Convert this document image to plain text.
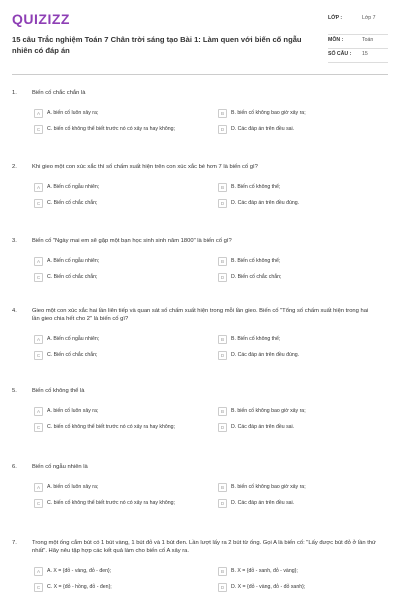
QUIZIZZ
15 câu Trắc nghiệm Toán 7 Chân trời sáng tạo Bài 1: Làm quen với biến cố ngẫu nhiên có đáp án
LỚP :	Lớp 7
MÔN :	Toán
SỐ CÂU :	15
1.	Biến cố chắc chắn là
A	A. biến cố luôn xảy ra;	B	B. biến cố không bao giờ xảy ra;
C	C. biến cố không thể biết trước nó có xảy ra hay không;	D	D. Các đáp án trên đều sai.
2.	Khi gieo một con xúc xắc thì số chấm xuất hiện trên con xúc xắc bé hơn 7 là biến cố gì?
A	A. Biến cố ngẫu nhiên;	B	B. Biến cố không thể;
C	C. Biến cố chắc chắn;	D	D. Các đáp án trên đều đúng.
3.	Biến cố "Ngày mai em sẽ gặp một bạn học sinh sinh năm 1800" là biến cố gì?
A	A. Biến cố ngẫu nhiên;	B	B. Biến cố không thể;
C	C. Biến cố chắc chắn;	D	D. Biến cố chắc chắn;
4.	Gieo một con xúc xắc hai lần liên tiếp và quan sát số chấm xuất hiện trong mỗi lần gieo. Biến cố "Tổng số chấm xuất hiện trong hai lần gieo chia hết cho 2" là biến cố gì?
A	A. Biến cố ngẫu nhiên;	B	B. Biến cố không thể;
C	C. Biến cố chắc chắn;	D	D. Các đáp án trên đều đúng.
5.	Biến cố không thể là
A	A. biến cố luôn xảy ra;	B	B. biến cố không bao giờ xảy ra;
C	C. biến cố không thể biết trước nó có xảy ra hay không;	D	D. Các đáp án trên đều sai.
6.	Biến cố ngẫu nhiên là
A	A. biến cố luôn xảy ra;	B	B. biến cố không bao giờ xảy ra;
C	C. biến cố không thể biết trước nó có xảy ra hay không;	D	D. Các đáp án trên đều sai.
7.	Trong một ống cắm bút có 1 bút vàng, 1 bút đỏ và 1 bút đen. Lần lượt lấy ra 2 bút từ ống. Gọi A là biến cố: "Lấy được bút đỏ ở lần thứ nhất". Hãy nêu tập hợp các kết quả làm cho biến cố A xảy ra.
A	A. X = {đỏ - vàng, đỏ - đen};	B	B. X = {đỏ - xanh, đỏ - vàng};
C	C. X = {đỏ - hồng, đỏ - đen};	D	D. X = {đỏ - vàng, đỏ - đỏ xanh};
